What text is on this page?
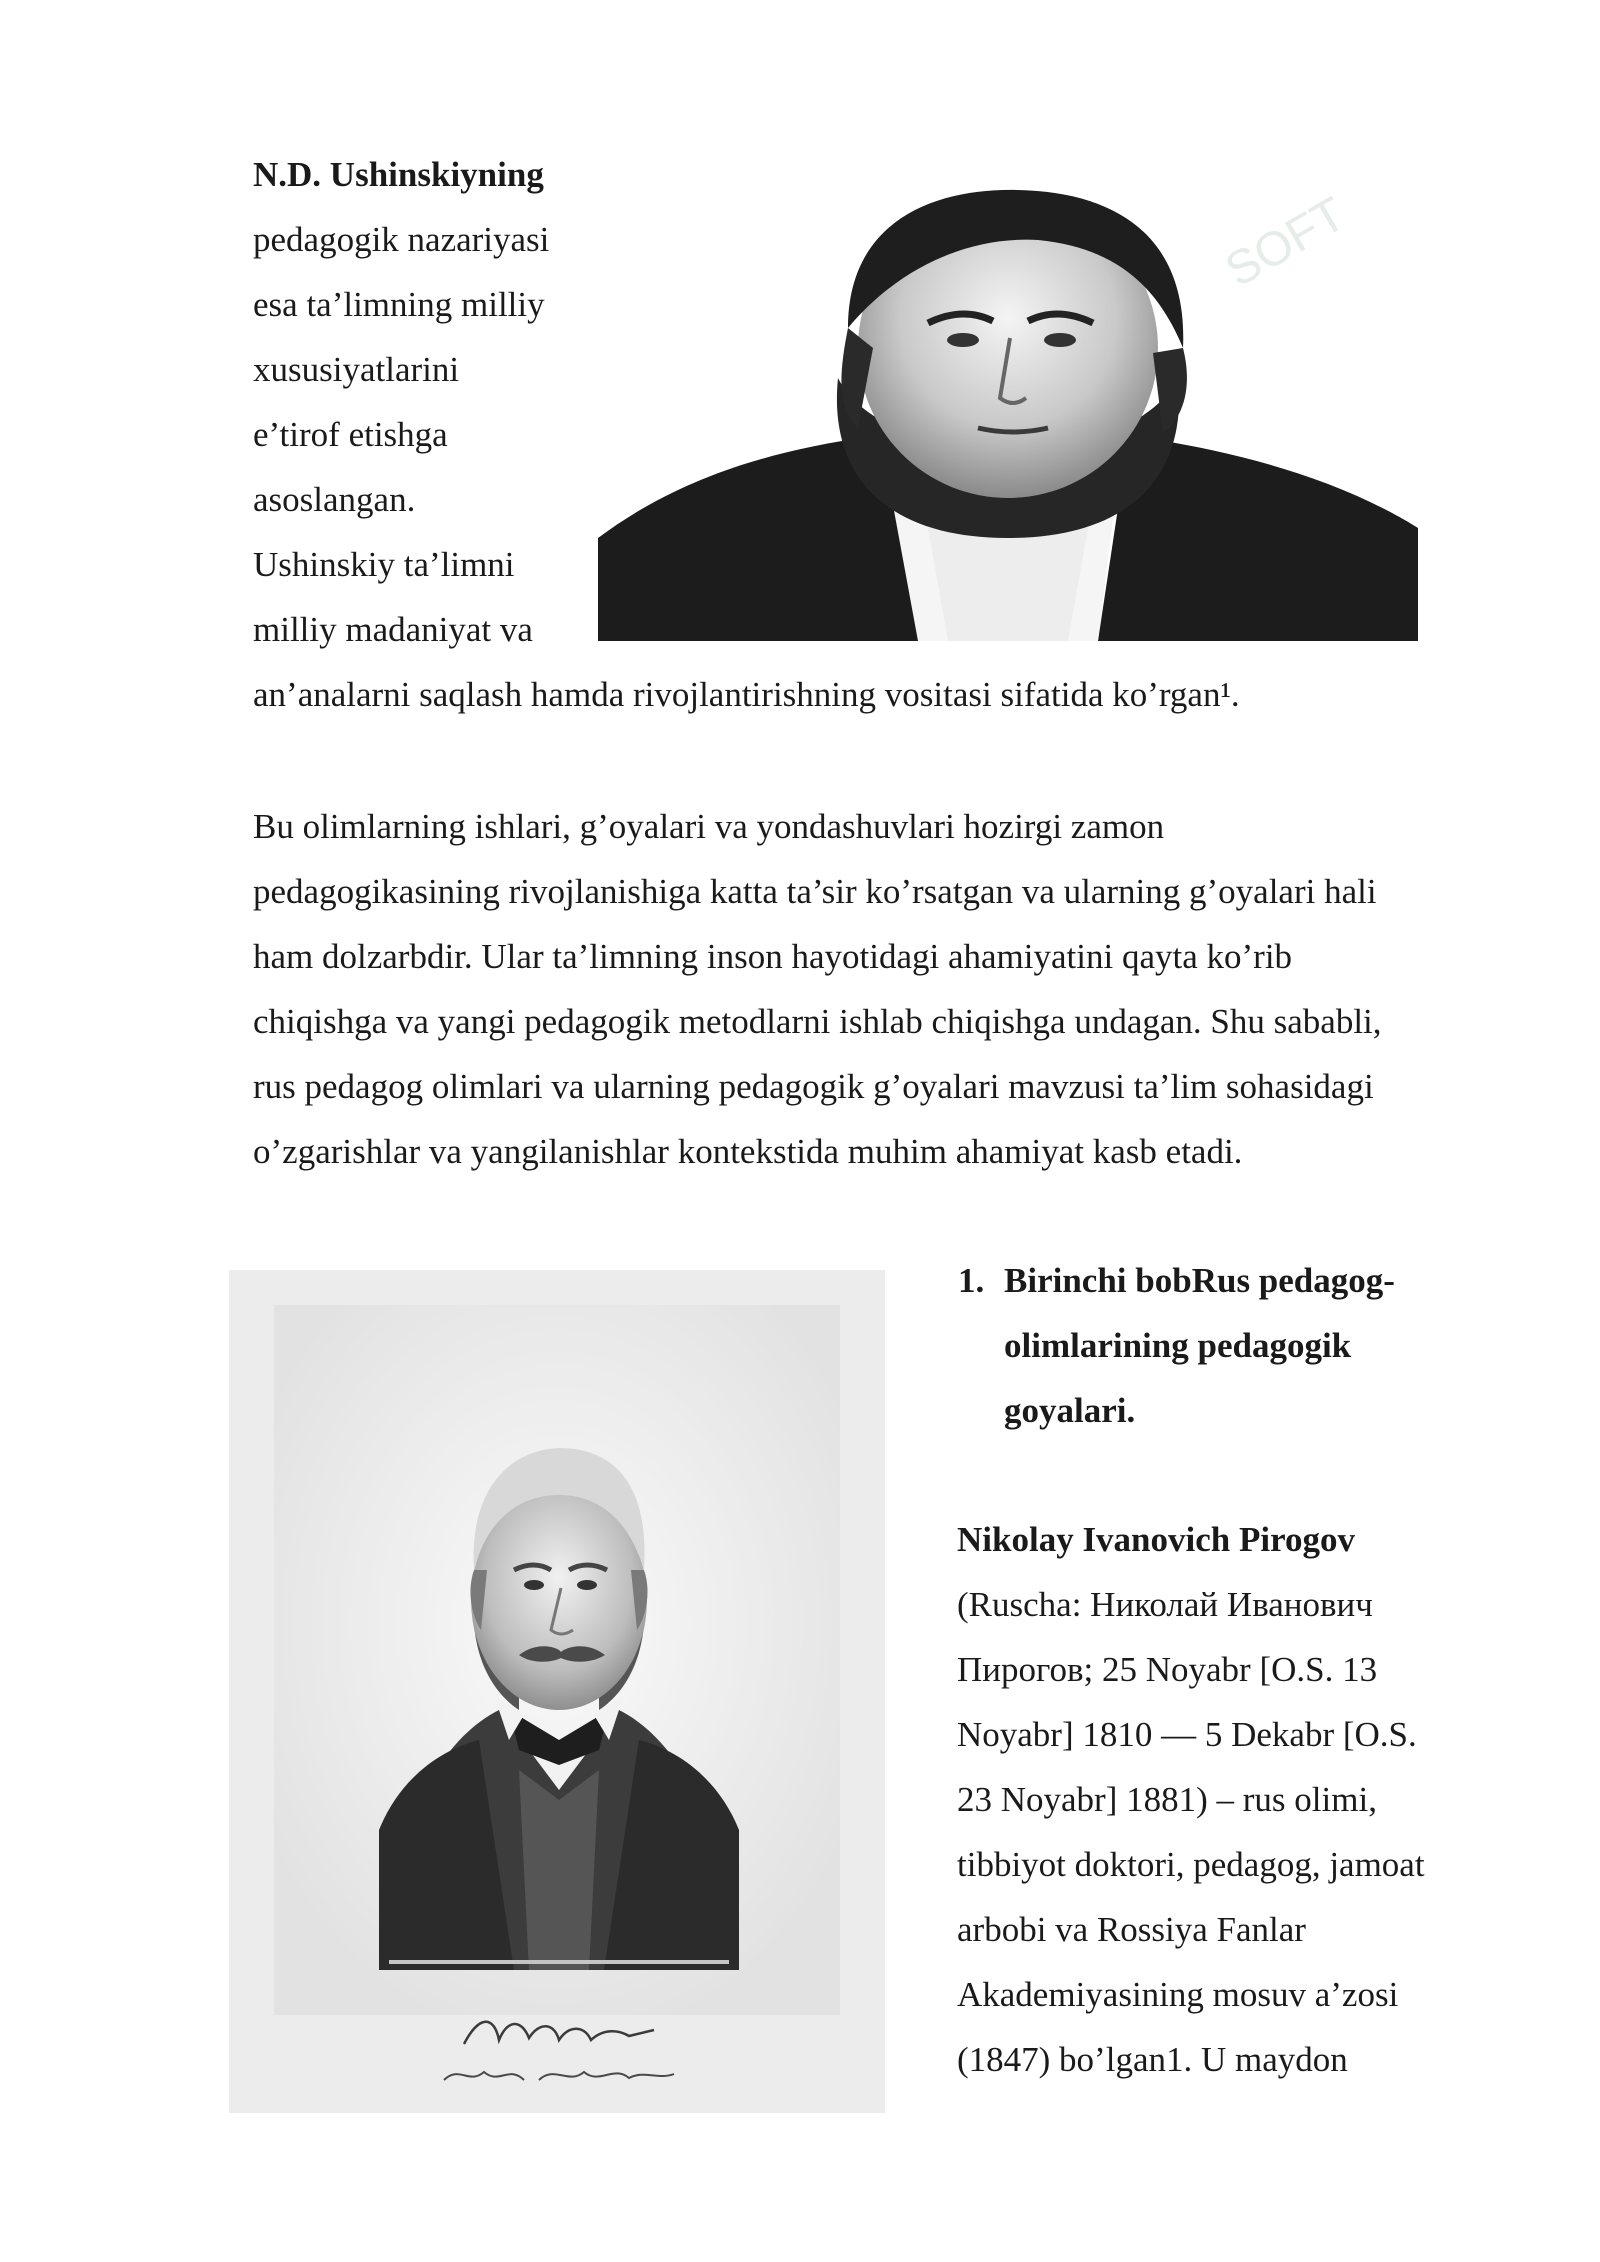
N.D. Ushinskiyning
pedagogik nazariyasi
esa ta’limning milliy
xususiyatlarini
e’tirof etishga
asoslangan.
Ushinskiy ta’limni
milliy madaniyat va
an’analarni saqlash hamda rivojlantirishning vositasi sifatida ko’rgan¹.
SOFT
Bu olimlarning ishlari, g’oyalari va yondashuvlari hozirgi zamon
pedagogikasining rivojlanishiga katta ta’sir ko’rsatgan va ularning g’oyalari hali
ham dolzarbdir. Ular ta’limning inson hayotidagi ahamiyatini qayta ko’rib
chiqishga va yangi pedagogik metodlarni ishlab chiqishga undagan. Shu sababli,
rus pedagog olimlari va ularning pedagogik g’oyalari mavzusi ta’lim sohasidagi
o’zgarishlar va yangilanishlar kontekstida muhim ahamiyat kasb etadi.
1. Birinchi bobRus pedagog-
olimlarining pedagogik
goyalari.
Nikolay Ivanovich Pirogov
(Ruscha: Николай Иванович
Пирогов; 25 Noyabr [O.S. 13
Noyabr] 1810 — 5 Dekabr [O.S.
23 Noyabr] 1881) – rus olimi,
tibbiyot doktori, pedagog, jamoat
arbobi va Rossiya Fanlar
Akademiyasining mosuv a’zosi
(1847) bo’lgan1. U maydon
